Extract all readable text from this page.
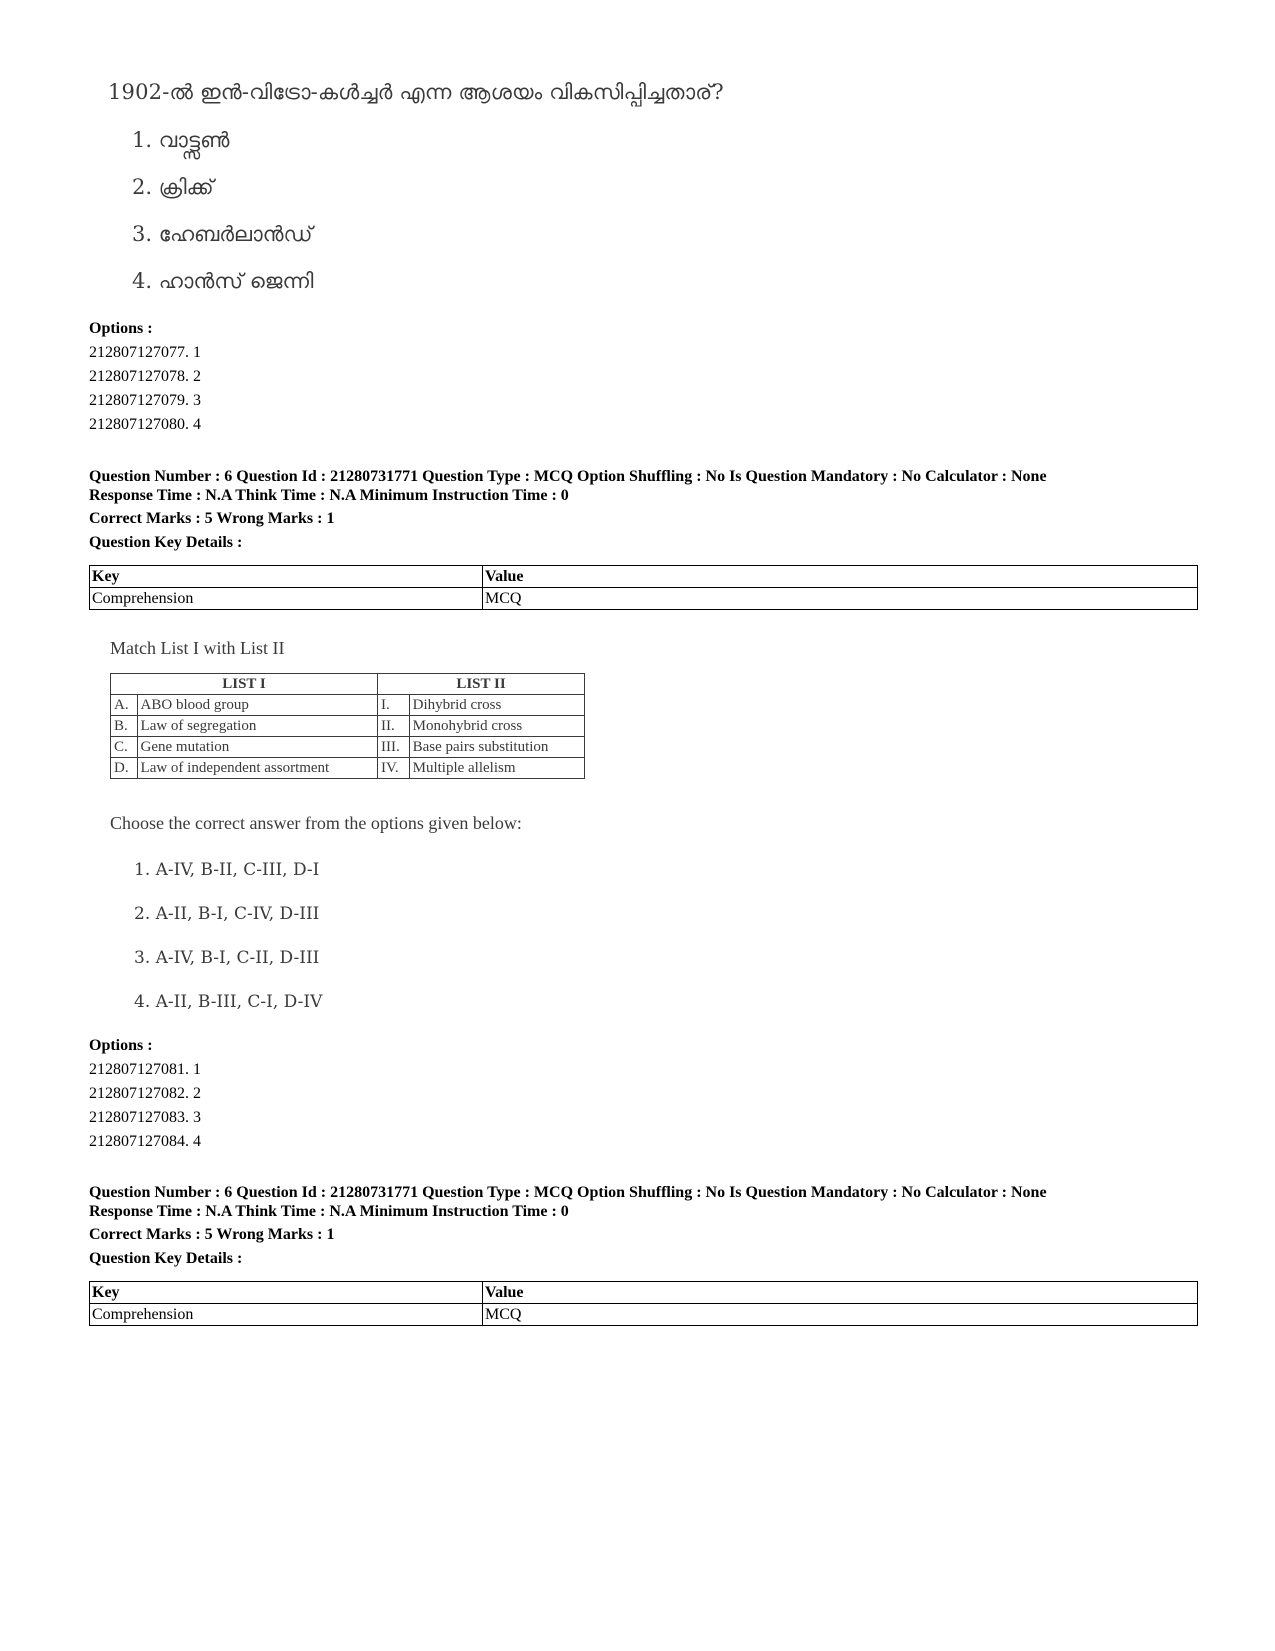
1902-ൽ ഇൻ-വിട്രോ-കൾച്ചർ എന്ന ആശയം വികസിപ്പിച്ചതാര്?
1. വാട്ട്സൺ
2. ക്രിക്ക്
3. ഹേബർലാൻഡ്
4. ഹാൻസ് ജെന്നി
Options :
212807127077. 1
212807127078. 2
212807127079. 3
212807127080. 4
Question Number : 6 Question Id : 21280731771 Question Type : MCQ Option Shuffling : No Is Question Mandatory : No Calculator : None
Response Time : N.A Think Time : N.A Minimum Instruction Time : 0
Correct Marks : 5 Wrong Marks : 1
Question Key Details :
Key	Value
Comprehension	MCQ
Match List I with List II
LIST I		LIST II	
A.	ABO blood group	I.	Dihybrid cross
B.	Law of segregation	II.	Monohybrid cross
C.	Gene mutation	III.	Base pairs substitution
D.	Law of independent assortment	IV.	Multiple allelism
Choose the correct answer from the options given below:
1. A-IV, B-II, C-III, D-I
2. A-II, B-I, C-IV, D-III
3. A-IV, B-I, C-II, D-III
4. A-II, B-III, C-I, D-IV
Options :
212807127081. 1
212807127082. 2
212807127083. 3
212807127084. 4
Question Number : 6 Question Id : 21280731771 Question Type : MCQ Option Shuffling : No Is Question Mandatory : No Calculator : None
Response Time : N.A Think Time : N.A Minimum Instruction Time : 0
Correct Marks : 5 Wrong Marks : 1
Question Key Details :
Key	Value
Comprehension	MCQ
